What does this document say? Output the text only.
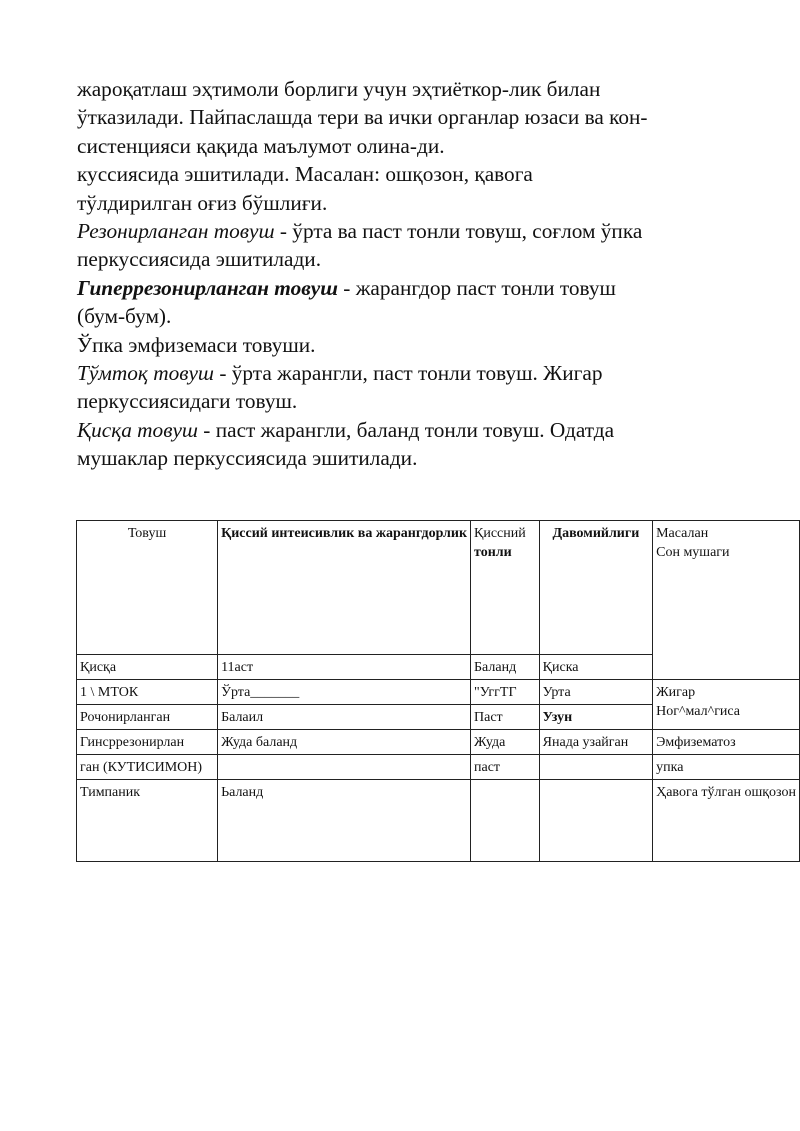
жароқатлаш эҳтимоли борлиги учун эҳтиёткор-лик билан
ўтказилади. Пайпаслашда тери ва ички органлар юзаси ва кон-
систенцияси қақида маълумот олина-ди.

куссиясида эшитилади. Масалан: ошқозон, қавога
тўлдирилган оғиз бўшлиғи.

Резонирланган товуш - ўрта ва паст тонли товуш, соғлом ўпка
перкуссиясида эшитилади.

Гиперрезонирланган товуш - жарангдор паст тонли товуш
(бум-бум).

Ўпка эмфиземаси товуши.

Тўмтоқ товуш - ўрта жарангли, паст тонли товуш. Жигар
перкуссиясидаги товуш.

Қисқа товуш - паст жарангли, баланд тонли товуш. Одатда
мушаклар перкуссиясида эшитилади.

Товуш	Қиссий интеисивлик ва жарангдорлик	Қиссний
тонли	Давомийлиги	Масалан
Сон мушаги
Қисқа	11аст	Баланд	Қиска	
1 \ МТОК	Ўрта_______	"УггТГ	Урта	Жигар
Ног^мал^гиса
Рочонирланган	Балаил	Паст	Узун	
Гинсррезонирлан	Жуда баланд	Жуда	Янада узайган	Эмфизематоз
ган (КУТИСИМОН)		паст		упка
Тимпаник	Ьаланд			Ҳавога тўлган ошқозон
